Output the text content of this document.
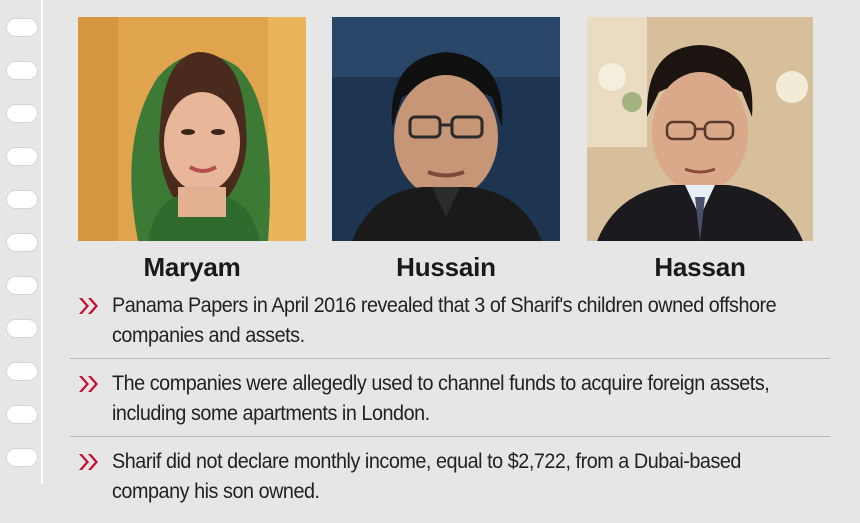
Maryam	Hussain	Hassan
Panama Papers in April 2016 revealed that 3 of Sharif's children owned offshore companies and assets.
The companies were allegedly used to channel funds to acquire foreign assets, including some apartments in London.
Sharif did not declare monthly income, equal to $2,722, from a Dubai-based company his son owned.
